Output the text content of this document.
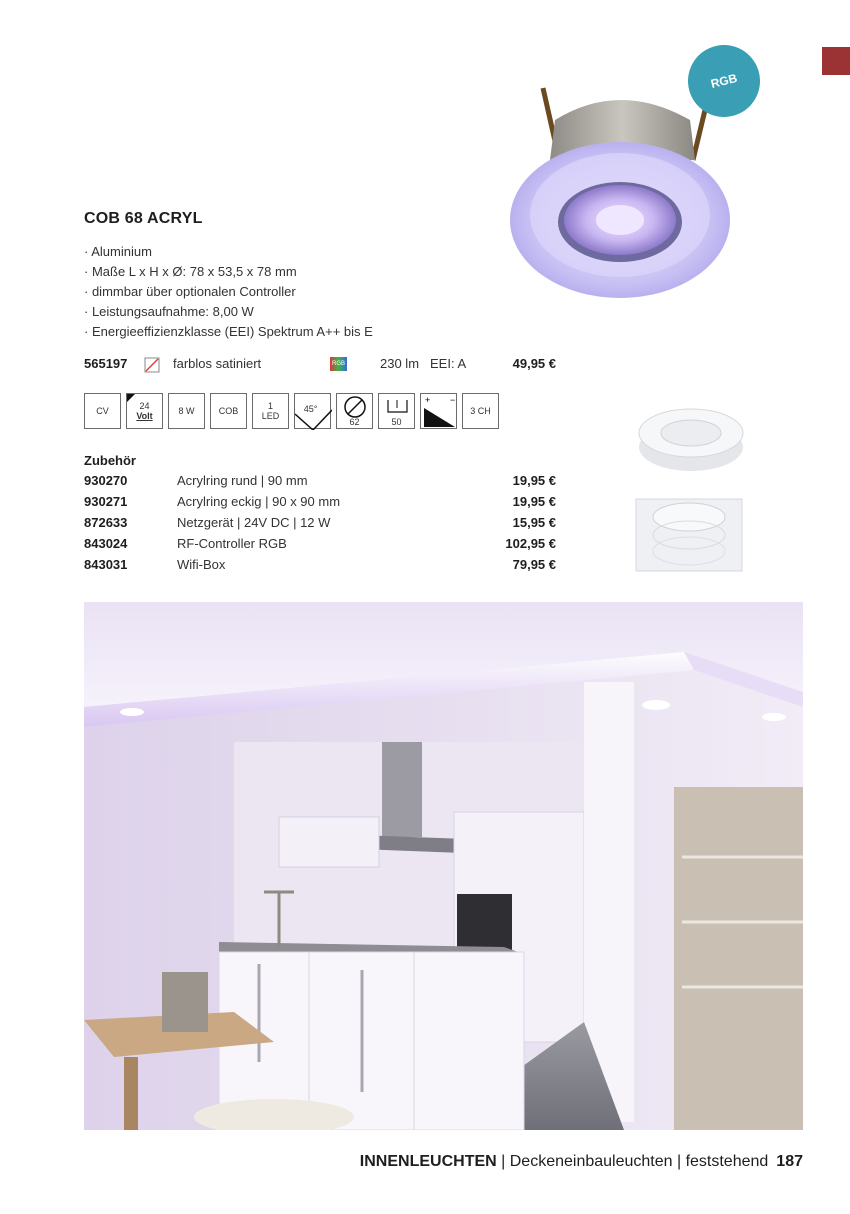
RGB
COB 68 ACRYL
· Aluminium
· Maße L x H x Ø: 78 x 53,5 x 78 mm
· dimmbar über optionalen Controller
· Leistungsaufnahme: 8,00 W
· Energieeffizienzklasse (EEI) Spektrum A++ bis E
565197	farblos satiniert	RGB	230 lm EEI: A	49,95 €
CV
24
Volt	8 W	COB	1
LED
45°
62	50
+ −
3 CH
Zubehör
930270	Acrylring rund | 90 mm	19,95 €
930271	Acrylring eckig | 90 x 90 mm	19,95 €
872633	Netzgerät | 24V DC | 12 W	15,95 €
843024	RF-Controller RGB	102,95 €
843031	Wifi-Box	79,95 €
INNENLEUCHTEN | Deckeneinbauleuchten | feststehend 187
